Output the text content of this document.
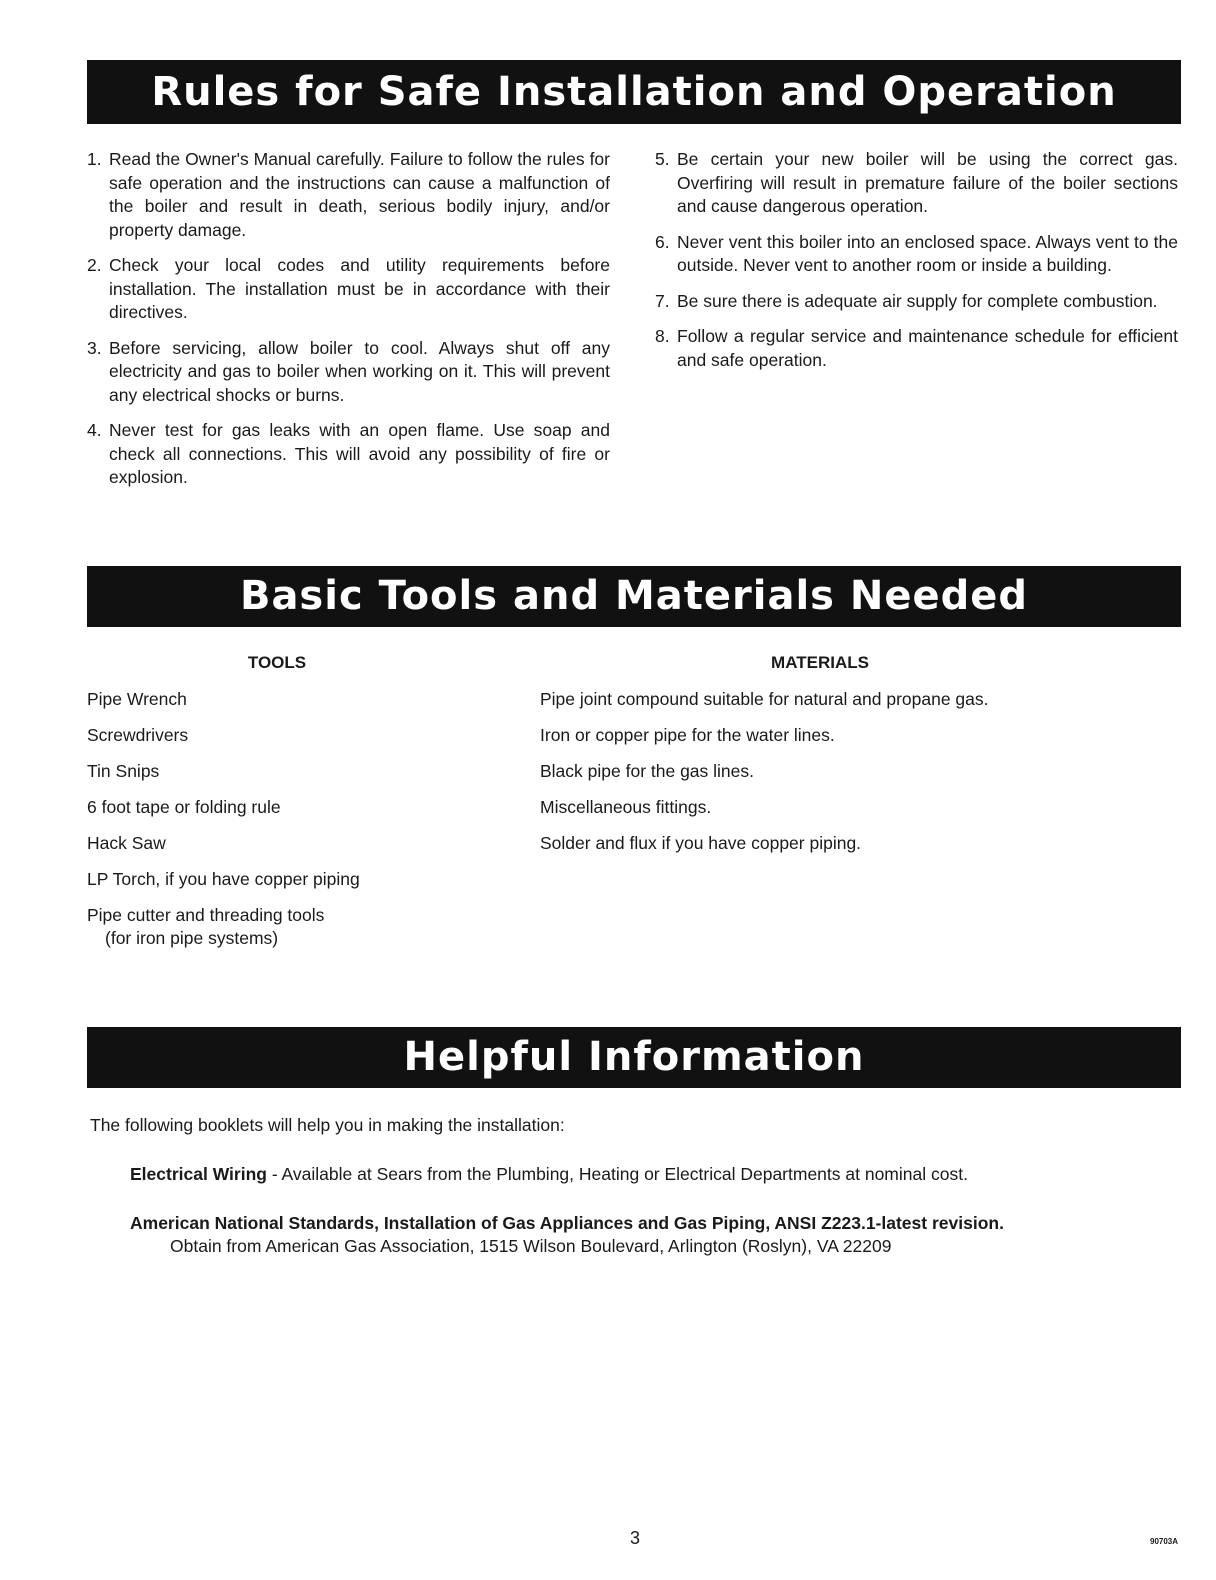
Rules for Safe Installation and Operation
1. Read the Owner's Manual carefully. Failure to follow the rules for safe operation and the instructions can cause a malfunction of the boiler and result in death, serious bodily injury, and/or property damage.
2. Check your local codes and utility requirements before installation. The installation must be in accordance with their directives.
3. Before servicing, allow boiler to cool. Always shut off any electricity and gas to boiler when working on it. This will prevent any electrical shocks or burns.
4. Never test for gas leaks with an open flame. Use soap and check all connections. This will avoid any possibility of fire or explosion.
5. Be certain your new boiler will be using the correct gas. Overfiring will result in premature failure of the boiler sections and cause dangerous operation.
6. Never vent this boiler into an enclosed space. Always vent to the outside. Never vent to another room or inside a building.
7. Be sure there is adequate air supply for complete combustion.
8. Follow a regular service and maintenance schedule for efficient and safe operation.
Basic Tools and Materials Needed
TOOLS	MATERIALS
Pipe Wrench
Screwdrivers
Tin Snips
6 foot tape or folding rule
Hack Saw
LP Torch, if you have copper piping
Pipe cutter and threading tools
(for iron pipe systems)
Pipe joint compound suitable for natural and propane gas.
Iron or copper pipe for the water lines.
Black pipe for the gas lines.
Miscellaneous fittings.
Solder and flux if you have copper piping.
Helpful Information
The following booklets will help you in making the installation:
Electrical Wiring - Available at Sears from the Plumbing, Heating or Electrical Departments at nominal cost.
American National Standards, Installation of Gas Appliances and Gas Piping, ANSI Z223.1-latest revision.
Obtain from American Gas Association, 1515 Wilson Boulevard, Arlington (Roslyn), VA 22209
3	90703A
